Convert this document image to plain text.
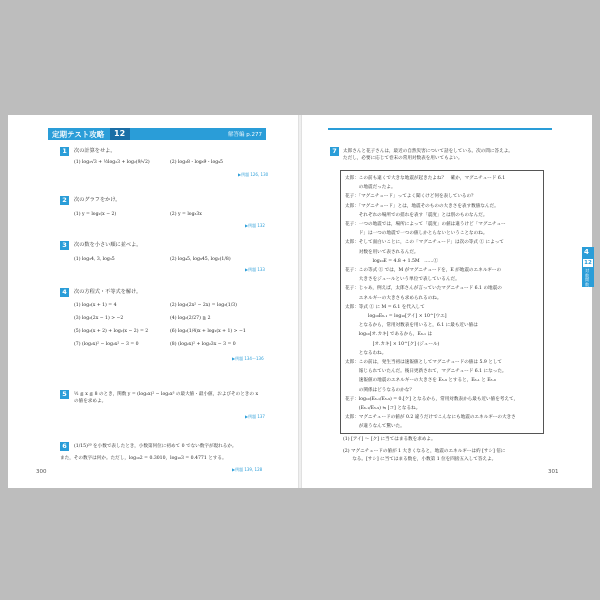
定期テスト攻略 12	解答編 p.277
1	次の計算をせよ。
(1) log₂√3 + ½log₂3 + log₂(9/√2)	(2) log₃8・log₈9・log₉5
▶例題 126, 130
2	次のグラフをかけ。
(1) y = log₂(x − 2)	(2) y = log₃3x
▶例題 132
3	次の数を小さい順に並べよ。
(1) log₃4, 3, log₃5	(2) log₄5, log₉45, log₂(1/8)
▶例題 133
4	次の方程式・不等式を解け。
(1) log₂(x + 1) = 4	(2) log₃(2x² − 2x) = log₃(1/3)
(3) log₂(2x − 1) > −2	(4) log₂(2/27) ≧ 2
(5) log₂(x + 2) + log₂(x − 2) = 2	(6) log₂(1/4)x + log₂(x + 1) > −1
(7) (log₂x)² − log₂x² − 3 = 0	(8) (log₂x)² + log₂3x − 3 = 0
▶例題 134〜136
5	½ ≦ x ≦ 8 のとき，関数 y = (log₂x)² − log₂x³ の最大値・最小値，およびそのときの x の値を求めよ。
▶例題 137
6	(1/15)²⁰ を小数で表したとき，小数第何位に初めて 0 でない数字が現れるか。
また，その数字は何か。ただし，log₁₀2 = 0.3010，log₁₀3 = 0.4771 とする。
▶例題 139, 128
300
7	太郎さんと花子さんは，最近の自然災害について話をしている。次の問に答えよ。
ただし，必要に応じて巻末の常用対数表を用いてもよい。
太郎：この前も遠くで大きな地震が起きたよね？　確か，マグニチュード 6.1
　　　の地震だったよ。
花子：「マグニチュード」ってよく聞くけど何を表しているの？
太郎：「マグニチュード」とは，地震そのものの大きさを表す数値なんだ。
　　　それぞれの場所での揺れを表す「震度」とは別のものなんだ。
花子：一つの地震では，場所によって「震度」の値は違うけど「マグニチュー
　　　ド」は一つの地震で一つの値しかとらないということなのね。
太郎：そして面白いことに，この「マグニチュード」は次の等式 ① によって
　　　対数を用いて表されるんだ。
　　　　　　log₁₀E = 4.8 + 1.5M　……①
花子：この等式 ① では，M がマグニチュードを，E が地震のエネルギーの
　　　大きさをジュールという単位で表しているんだ。
花子：じゃあ，例えば，太郎さんが言っていたマグニチュード 6.1 の地震の
　　　エネルギーの大きさも求められるのね。
太郎：等式 ① に M = 6.1 を代入して
　　　　　log₁₀E₆.₁ = log₁₀[アイ] × 10^[ウエ]
　　　となるから，常用対数表を用いると，6.1 に最も近い値は
　　　log₁₀[オ.カキ] であるから，E₆.₁ は
　　　　　　[オ.カキ] × 10^[ク] (ジュール)
　　　となるわね。
太郎：この前は，発生当初は速報値としてマグニチュードの値は 5.9 として
　　　報じられていたんだ。後日更新されて，マグニチュード 6.1 になった。
　　　速報値の地震のエネルギーの大きさを E₅.₉ とすると，E₆.₁ と E₅.₉
　　　の関係はどうなるのかな？
花子：log₁₀(E₆.₁/E₅.₉) = 0.[ケ] となるから，常用対数表から最も近い値を考えて，
　　　(E₆.₁/E₅.₉) ≒ [コ] となるね。
太郎：マグニチュードの値が 0.2 違うだけでこんなにも地震のエネルギーの大きさ
　　　が違うなんて驚いた。
(1) [アイ] 〜 [ク] に当てはまる数を求めよ。
(2) マグニチュードの値が 1 大きくなると，地震のエネルギーは約 [サシ] 倍に
　　なる。[サシ] に当てはまる数を，小数第 1 位を四捨五入して答えよ。
301
4
12
対数関数
